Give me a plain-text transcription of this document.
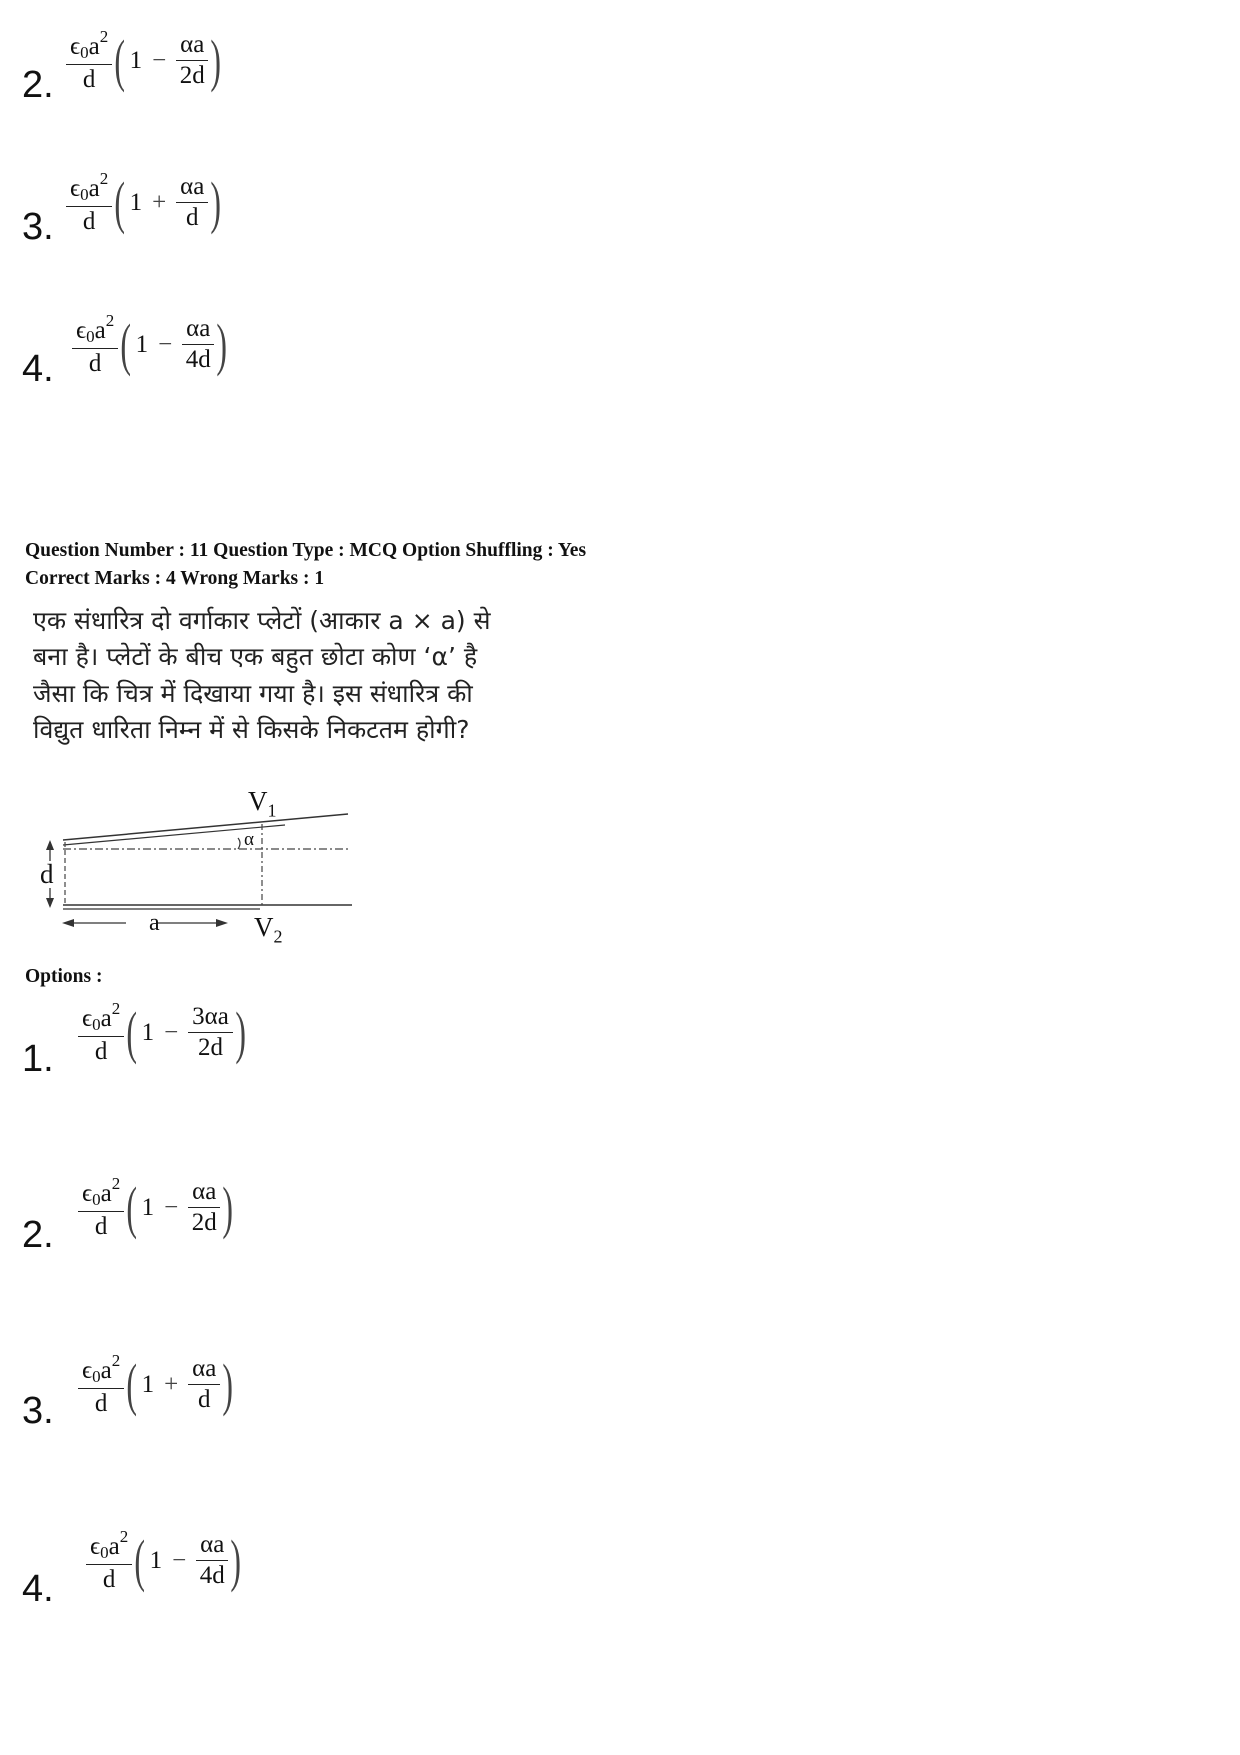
2. $\frac{\epsilon_0a^2}{d}$ ( $1 - \frac{\alpha a}{2d}$ )
3. $\frac{\epsilon_0a^2}{d}$ ( $1 + \frac{\alpha a}{d}$ )
4. $\frac{\epsilon_0a^2}{d}$ ( $1 - \frac{\alpha a}{4d}$ )
Question Number : 11 Question Type : MCQ Option Shuffling : Yes
Correct Marks : 4 Wrong Marks : 1
एक संधारित्र दो वर्गाकार प्लेटों (आकार a × a) से
बना है। प्लेटों के बीच एक बहुत छोटा कोण ‘α’ है
जैसा कि चित्र में दिखाया गया है। इस संधारित्र की
विद्युत धारिता निम्न में से किसके निकटतम होगी?
$V_1$
α
d
a	$V_2$
Options :
1. $\frac{\epsilon_0a^2}{d}$ ( $1 - \frac{3\alpha a}{2d}$ )
2. $\frac{\epsilon_0a^2}{d}$ ( $1 - \frac{\alpha a}{2d}$ )
3. $\frac{\epsilon_0a^2}{d}$ ( $1 + \frac{\alpha a}{d}$ )
4. $\frac{\epsilon_0a^2}{d}$ ( $1 - \frac{\alpha a}{4d}$ )
